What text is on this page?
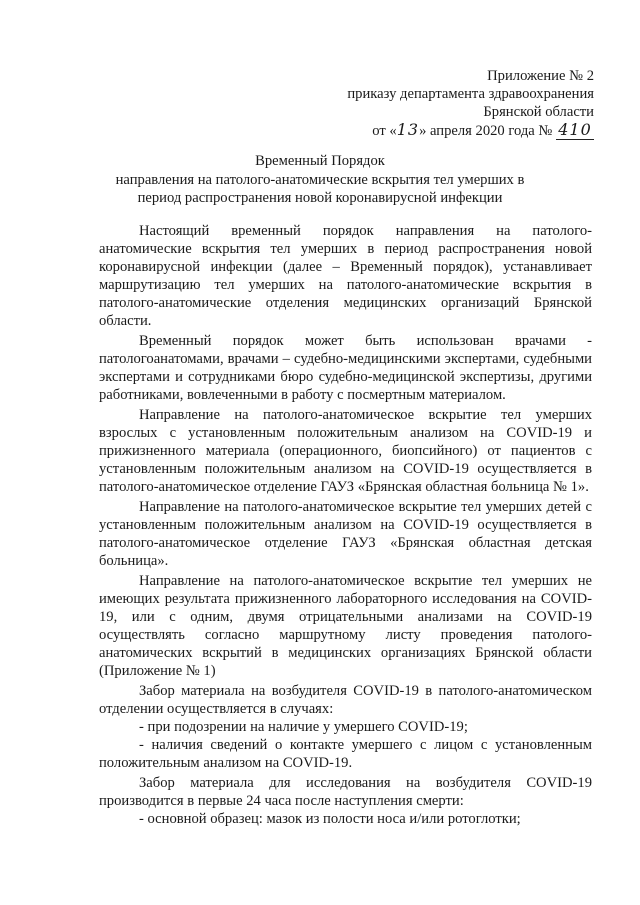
Приложение № 2
приказу департамента здравоохранения
Брянской области
от «13» апреля 2020 года № 410
Временный Порядок
направления на патолого-анатомические вскрытия тел умерших в
период распространения новой коронавирусной инфекции

Настоящий временный порядок направления на патолого-анатомические вскрытия тел умерших в период распространения новой коронавирусной инфекции (далее – Временный порядок), устанавливает маршрутизацию тел умерших на патолого-анатомические вскрытия в патолого-анатомические отделения медицинских организаций Брянской области.

Временный порядок может быть использован врачами - патологоанатомами, врачами – судебно-медицинскими экспертами, судебными экспертами и сотрудниками бюро судебно-медицинской экспертизы, другими работниками, вовлеченными в работу с посмертным материалом.

Направление на патолого-анатомическое вскрытие тел умерших взрослых с установленным положительным анализом на COVID-19 и прижизненного материала (операционного, биопсийного) от пациентов с установленным положительным анализом на COVID-19 осуществляется в патолого-анатомическое отделение ГАУЗ «Брянская областная больница № 1».

Направление на патолого-анатомическое вскрытие тел умерших детей с установленным положительным анализом на COVID-19 осуществляется в патолого-анатомическое отделение ГАУЗ «Брянская областная детская больница».

Направление на патолого-анатомическое вскрытие тел умерших не имеющих результата прижизненного лабораторного исследования на COVID-19, или с одним, двумя отрицательными анализами на COVID-19 осуществлять согласно маршрутному листу проведения патолого-анатомических вскрытий в медицинских организациях Брянской области (Приложение № 1)

Забор материала на возбудителя COVID-19 в патолого-анатомическом отделении осуществляется в случаях:

- при подозрении на наличие у умершего COVID-19;

- наличия сведений о контакте умершего с лицом с установленным положительным анализом на COVID-19.

Забор материала для исследования на возбудителя COVID-19 производится в первые 24 часа после наступления смерти:

- основной образец: мазок из полости носа и/или ротоглотки;
